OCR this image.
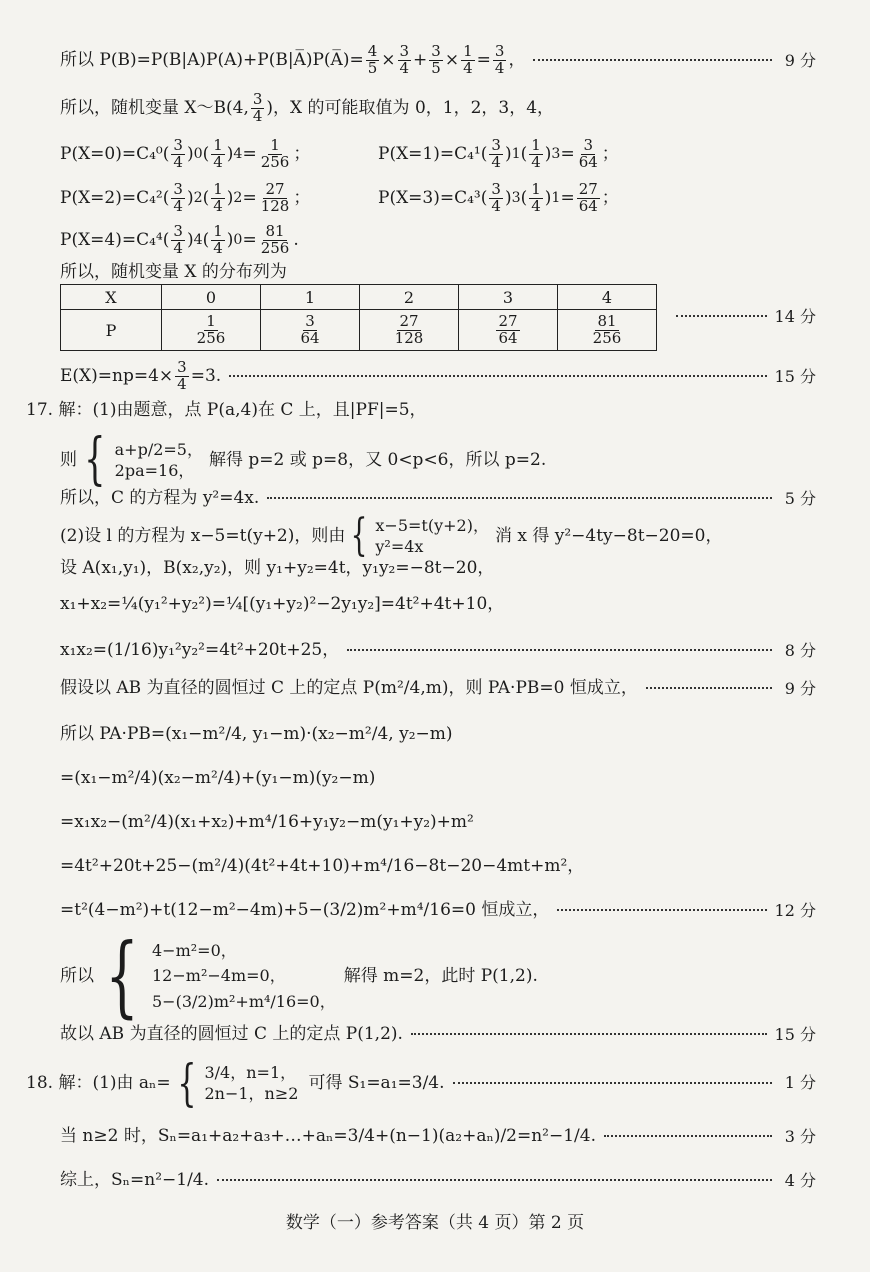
所以 P(B)=P(B|A)P(A)+P(B|A̅)P(A̅)= $\frac{4}{5} \times \frac{3}{4} + \frac{3}{5} \times \frac{1}{4} = \frac{3}{4}$ ，	9 分
所以，随机变量 X～B(4, $\frac{3}{4}$ )，X 的可能取值为 0，1，2，3，4，
$P(X=0)=C_4^0( \frac{3}{4}$ ) 0 ( $\frac{1}{4}$ ) $4 = \frac{1}{256}$ ；	$P(X=1)=C_4^1( \frac{3}{4}$ ) 1 ( $\frac{1}{4}$ ) $3 = \frac{3}{64}$ ；
$P(X=2)=C_4^2( \frac{3}{4}$ ) 2 ( $\frac{1}{4}$ ) $2 = \frac{27}{128}$ ；	$P(X=3)=C_4^3( \frac{3}{4}$ ) 3 ( $\frac{1}{4}$ ) $1 = \frac{27}{64}$ ；
$P(X=4)=C_4^4( \frac{3}{4}$ ) 4 ( $\frac{1}{4}$ ) $0 = \frac{81}{256}$ .
所以，随机变量 X 的分布列为
X	0	1	2	3	4
P	$\frac{1}{256}$	$\frac{3}{64}$	$\frac{27}{128}$	$\frac{27}{64}$	$\frac{81}{256}$	14 分
$E(X)=np=4\times \frac{3}{4} =3$.	15 分
17. 解：(1)由题意，点 P(a,4)在 C 上，且|PF|=5，
则 { a+p/2=5，
2pa=16，
解得 p=2 或 p=8，又 0<p<6，所以 p=2.
所以，C 的方程为 y²=4x.	5 分
(2)设 l 的方程为 x−5=t(y+2)，则由 { x−5=t(y+2)，
y²=4x
消 x 得 y²−4ty−8t−20=0，
设 A(x₁,y₁)，B(x₂,y₂)，则 y₁+y₂=4t，y₁y₂=−8t−20，
x₁+x₂=¼(y₁²+y₂²)=¼[(y₁+y₂)²−2y₁y₂]=4t²+4t+10，
x₁x₂=(1/16)y₁²y₂²=4t²+20t+25，	8 分
假设以 AB 为直径的圆恒过 C 上的定点 P(m²/4,m)，则 PA·PB=0 恒成立，	9 分
所以 PA·PB=(x₁−m²/4, y₁−m)·(x₂−m²/4, y₂−m)
=(x₁−m²/4)(x₂−m²/4)+(y₁−m)(y₂−m)
=x₁x₂−(m²/4)(x₁+x₂)+m⁴/16+y₁y₂−m(y₁+y₂)+m²
=4t²+20t+25−(m²/4)(4t²+4t+10)+m⁴/16−8t−20−4mt+m²，
=t²(4−m²)+t(12−m²−4m)+5−(3/2)m²+m⁴/16=0 恒成立，	12 分
所以 { 4−m²=0，
12−m²−4m=0，
5−(3/2)m²+m⁴/16=0，
解得 m=2，此时 P(1,2).
故以 AB 为直径的圆恒过 C 上的定点 P(1,2).	15 分
18. 解：(1)由 aₙ= { 3/4，n=1，
2n−1，n≥2
可得 S₁=a₁=3/4.	1 分
当 n≥2 时，Sₙ=a₁+a₂+a₃+…+aₙ=3/4+(n−1)(a₂+aₙ)/2=n²−1/4.	3 分
综上，Sₙ=n²−1/4.	4 分
数学（一）参考答案（共 4 页）第 2 页
